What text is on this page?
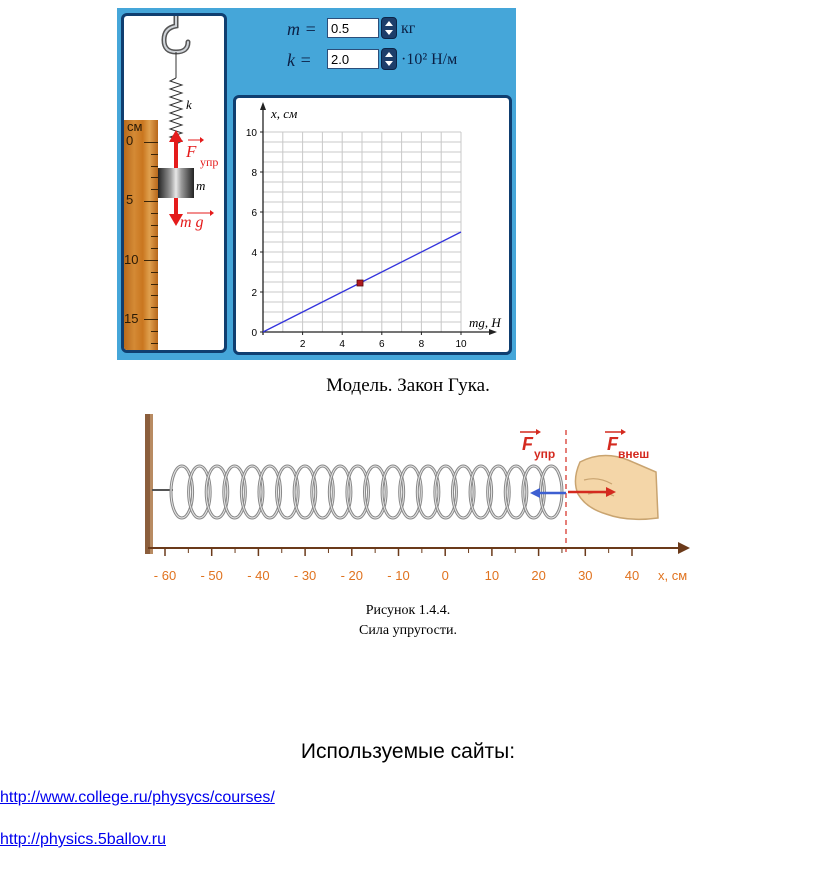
см
0
5
10
15
k
F
упр
m
m g
m =	0.5	кг
k =	2.0	·10² Н/м
2	4	6	8	10
0
2
4
6
8
10
x, см
mg, Н
Модель. Закон Гука.
F упр	F внеш
- 60 - 50 - 40 - 30 - 20 - 10 0	10 20 30 40 x, см
Рисунок 1.4.4.
Сила упругости.
Используемые сайты:
http://www.college.ru/physycs/courses/
http://physics.5ballov.ru
